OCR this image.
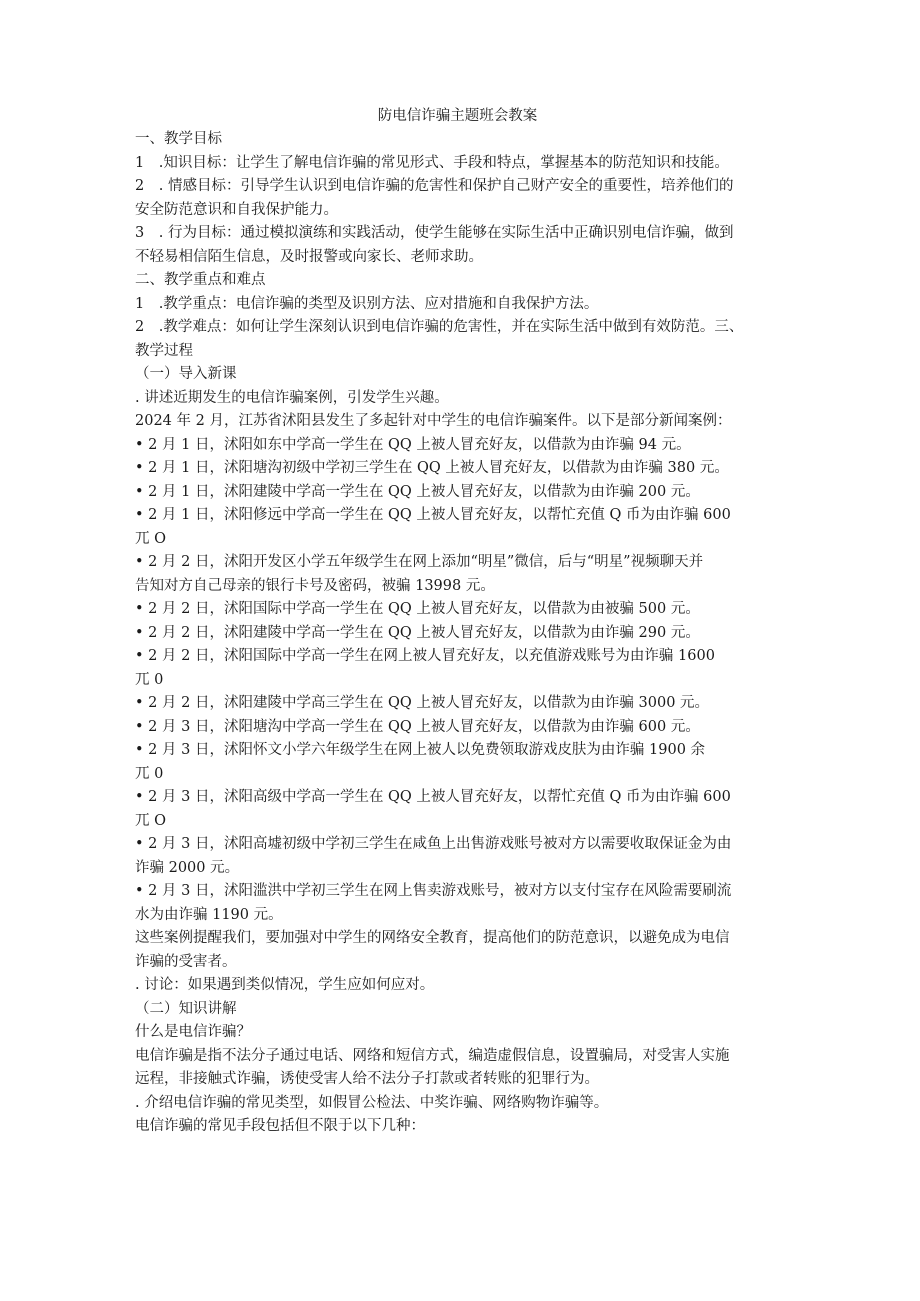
防电信诈骗主题班会教案

一、教学目标

1　.知识目标：让学生了解电信诈骗的常见形式、手段和特点，掌握基本的防范知识和技能。

2　. 情感目标：引导学生认识到电信诈骗的危害性和保护自己财产安全的重要性，培养他们的

安全防范意识和自我保护能力。

3　. 行为目标：通过模拟演练和实践活动，使学生能够在实际生活中正确识别电信诈骗，做到

不轻易相信陌生信息，及时报警或向家长、老师求助。

二、教学重点和难点

1　.教学重点：电信诈骗的类型及识别方法、应对措施和自我保护方法。

2　.教学难点：如何让学生深刻认识到电信诈骗的危害性，并在实际生活中做到有效防范。三、

教学过程

（一）导入新课

. 讲述近期发生的电信诈骗案例，引发学生兴趣。

2024 年 2 月，江苏省沭阳县发生了多起针对中学生的电信诈骗案件。以下是部分新闻案例：

• 2 月 1 日，沭阳如东中学高一学生在 QQ 上被人冒充好友，以借款为由诈骗 94 元。

• 2 月 1 日，沭阳塘沟初级中学初三学生在 QQ 上被人冒充好友，以借款为由诈骗 380 元。

• 2 月 1 日，沭阳建陵中学高一学生在 QQ 上被人冒充好友，以借款为由诈骗 200 元。

• 2 月 1 日，沭阳修远中学高一学生在 QQ 上被人冒充好友，以帮忙充值 Q 币为由诈骗 600

兀 O

• 2 月 2 日，沭阳开发区小学五年级学生在网上添加“明星”微信，后与“明星”视频聊天并

告知对方自己母亲的银行卡号及密码，被骗 13998 元。

• 2 月 2 日，沭阳国际中学高一学生在 QQ 上被人冒充好友，以借款为由被骗 500 元。

• 2 月 2 日，沭阳建陵中学高一学生在 QQ 上被人冒充好友，以借款为由诈骗 290 元。

• 2 月 2 日，沭阳国际中学高一学生在网上被人冒充好友，以充值游戏账号为由诈骗 1600

兀 0

• 2 月 2 日，沭阳建陵中学高三学生在 QQ 上被人冒充好友，以借款为由诈骗 3000 元。

• 2 月 3 日，沭阳塘沟中学高一学生在 QQ 上被人冒充好友，以借款为由诈骗 600 元。

• 2 月 3 日，沭阳怀文小学六年级学生在网上被人以免费领取游戏皮肤为由诈骗 1900 余

兀 0

• 2 月 3 日，沭阳高级中学高一学生在 QQ 上被人冒充好友，以帮忙充值 Q 币为由诈骗 600

兀 O

• 2 月 3 日，沭阳高墟初级中学初三学生在咸鱼上出售游戏账号被对方以需要收取保证金为由

诈骗 2000 元。

• 2 月 3 日，沭阳滥洪中学初三学生在网上售卖游戏账号，被对方以支付宝存在风险需要刷流

水为由诈骗 1190 元。

这些案例提醒我们，要加强对中学生的网络安全教育，提高他们的防范意识，以避免成为电信

诈骗的受害者。

. 讨论：如果遇到类似情况，学生应如何应对。

（二）知识讲解

什么是电信诈骗？

电信诈骗是指不法分子通过电话、网络和短信方式，编造虚假信息，设置骗局，对受害人实施

远程，非接触式诈骗，诱使受害人给不法分子打款或者转账的犯罪行为。

. 介绍电信诈骗的常见类型，如假冒公检法、中奖诈骗、网络购物诈骗等。

电信诈骗的常见手段包括但不限于以下几种：
